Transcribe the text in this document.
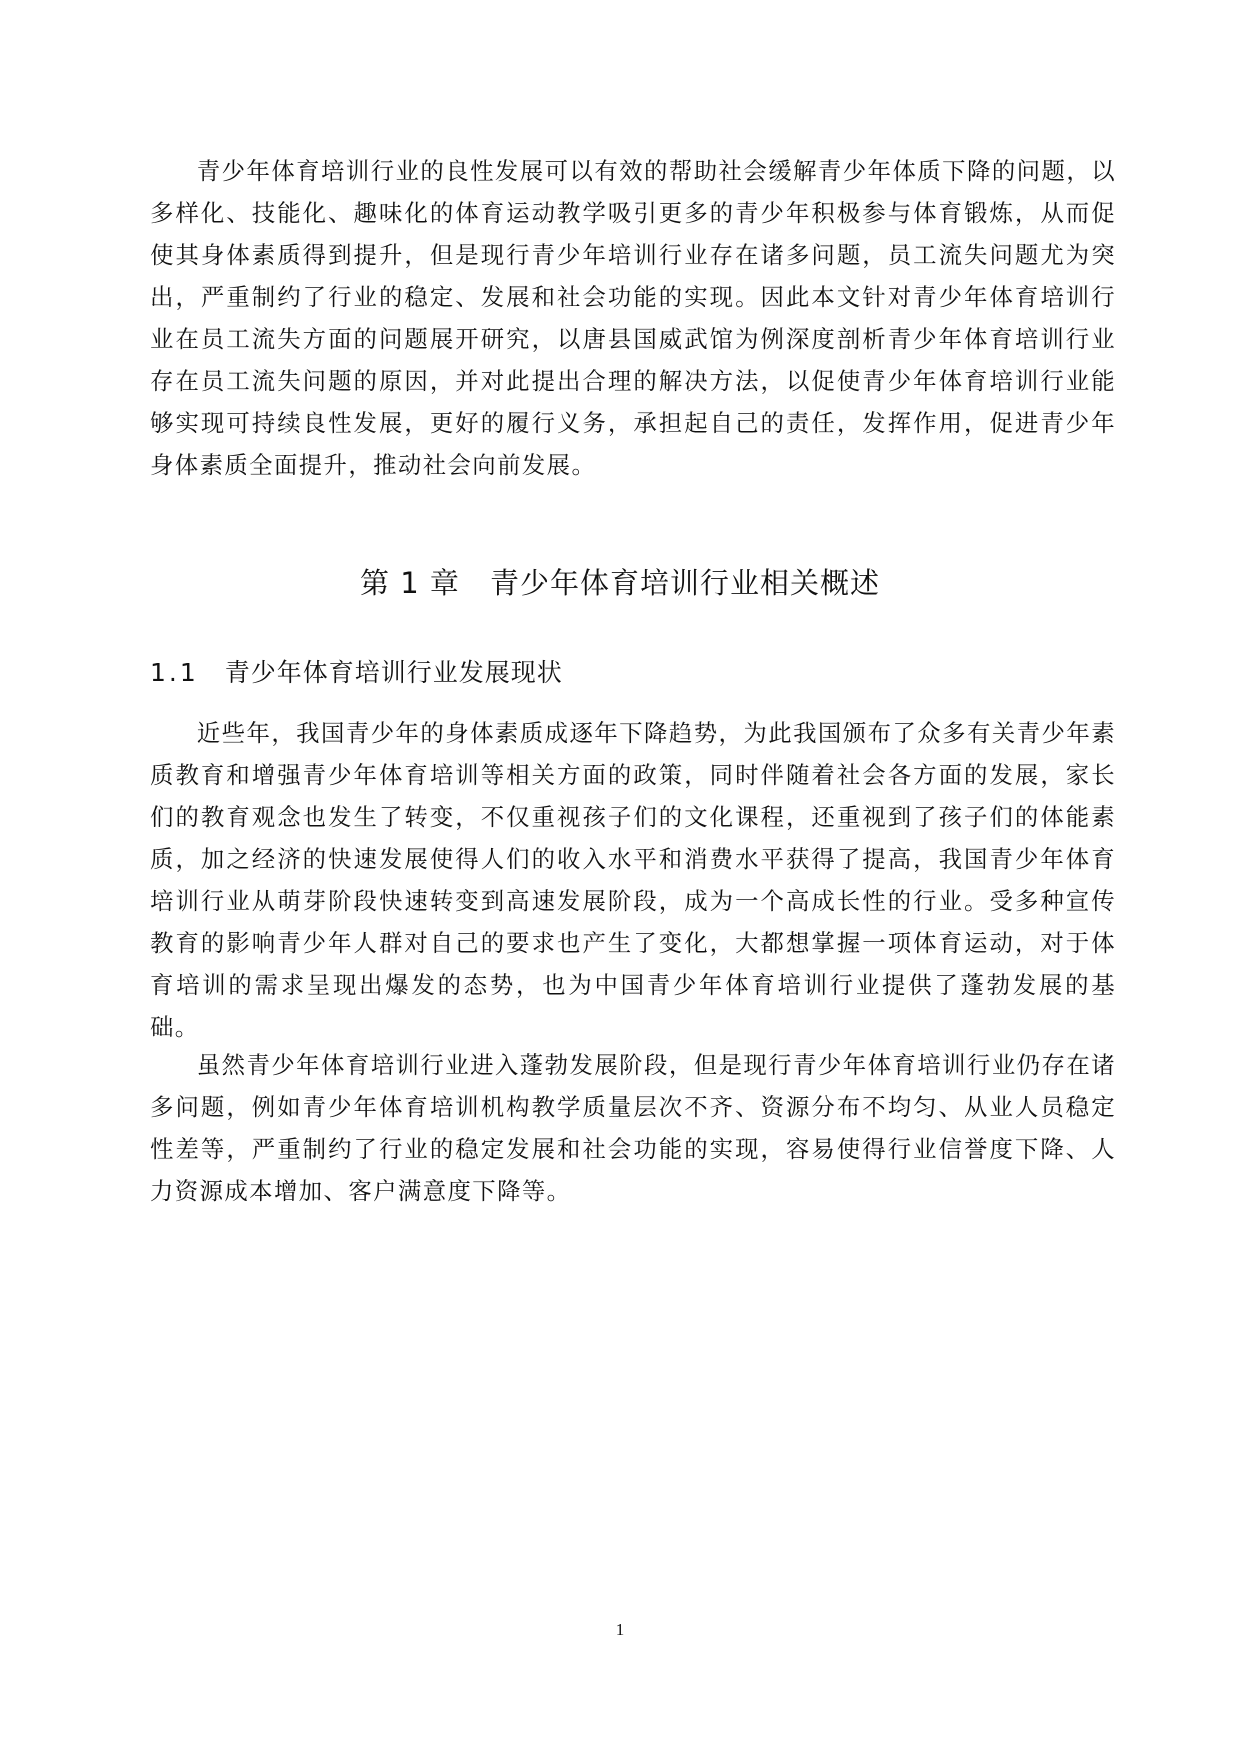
青少年体育培训行业的良性发展可以有效的帮助社会缓解青少年体质下降的问题，以多样化、技能化、趣味化的体育运动教学吸引更多的青少年积极参与体育锻炼，从而促使其身体素质得到提升，但是现行青少年培训行业存在诸多问题，员工流失问题尤为突出，严重制约了行业的稳定、发展和社会功能的实现。因此本文针对青少年体育培训行业在员工流失方面的问题展开研究，以唐县国威武馆为例深度剖析青少年体育培训行业存在员工流失问题的原因，并对此提出合理的解决方法，以促使青少年体育培训行业能够实现可持续良性发展，更好的履行义务，承担起自己的责任，发挥作用，促进青少年身体素质全面提升，推动社会向前发展。

第 1 章 青少年体育培训行业相关概述
1.1 青少年体育培训行业发展现状

近些年，我国青少年的身体素质成逐年下降趋势，为此我国颁布了众多有关青少年素质教育和增强青少年体育培训等相关方面的政策，同时伴随着社会各方面的发展，家长们的教育观念也发生了转变，不仅重视孩子们的文化课程，还重视到了孩子们的体能素质，加之经济的快速发展使得人们的收入水平和消费水平获得了提高，我国青少年体育培训行业从萌芽阶段快速转变到高速发展阶段，成为一个高成长性的行业。受多种宣传教育的影响青少年人群对自己的要求也产生了变化，大都想掌握一项体育运动，对于体育培训的需求呈现出爆发的态势，也为中国青少年体育培训行业提供了蓬勃发展的基础。

虽然青少年体育培训行业进入蓬勃发展阶段，但是现行青少年体育培训行业仍存在诸多问题，例如青少年体育培训机构教学质量层次不齐、资源分布不均匀、从业人员稳定性差等，严重制约了行业的稳定发展和社会功能的实现，容易使得行业信誉度下降、人力资源成本增加、客户满意度下降等。

1
